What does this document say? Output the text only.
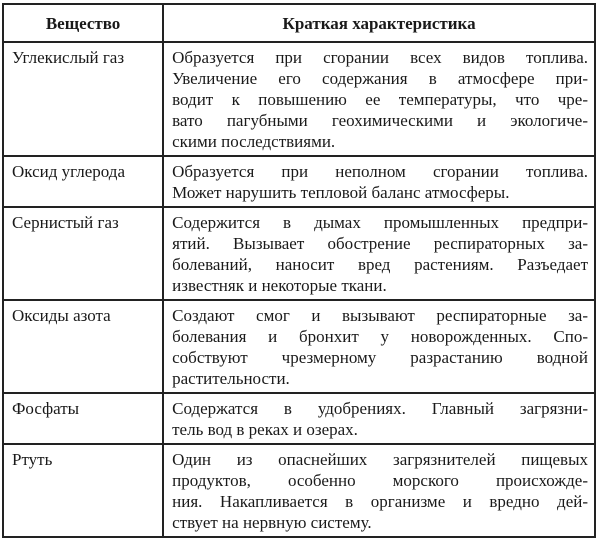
Вещество	Краткая характеристика
Углекислый газ	Образуется при сгорании всех видов топлива.
Увеличение его содержания в атмосфере при-
водит к повышению ее температуры, что чре-
вато пагубными геохимическими и экологиче-
скими последствиями.

Оксид углерода	Образуется при неполном сгорании топлива.
Может нарушить тепловой баланс атмосферы.

Сернистый газ	Содержится в дымах промышленных предпри-
ятий. Вызывает обострение респираторных за-
болеваний, наносит вред растениям. Разъедает
известняк и некоторые ткани.

Оксиды азота	Создают смог и вызывают респираторные за-
болевания и бронхит у новорожденных. Спо-
собствуют чрезмерному разрастанию водной
растительности.

Фосфаты	Содержатся в удобрениях. Главный загрязни-
тель вод в реках и озерах.

Ртуть	Один из опаснейших загрязнителей пищевых
продуктов, особенно морского происхожде-
ния. Накапливается в организме и вредно дей-
ствует на нервную систему.
